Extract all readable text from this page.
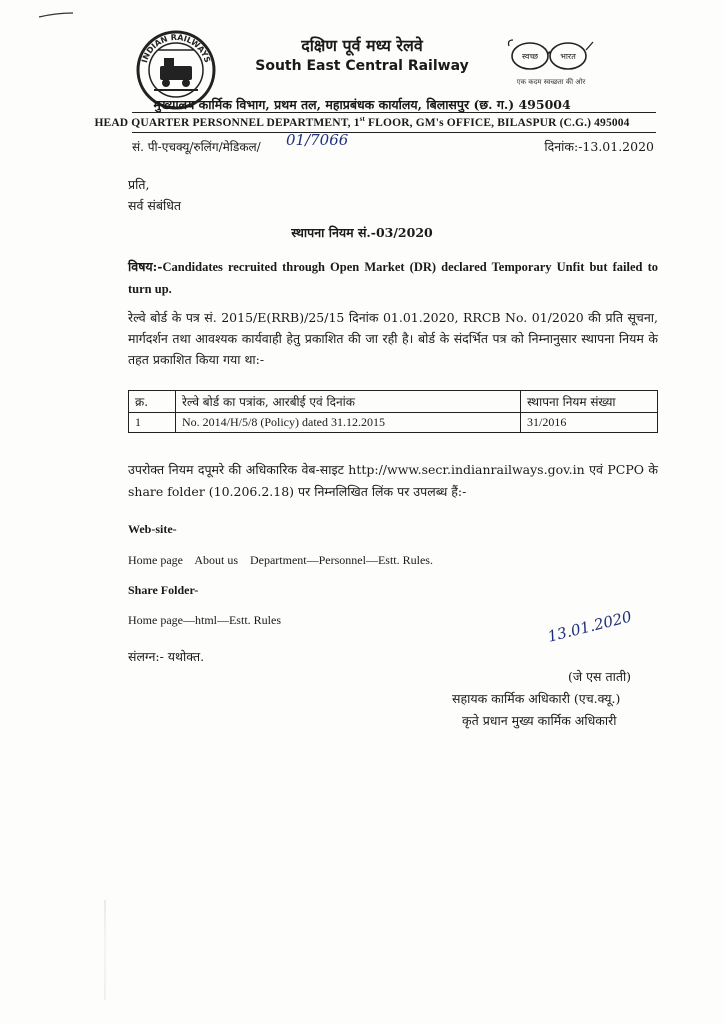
INDIAN RAILWAYS
दक्षिण पूर्व मध्य रेलवे
South East Central Railway
स्वच्छ	भारत
एक कदम स्वच्छता की ओर
मुख्यालय कार्मिक विभाग, प्रथम तल, महाप्रबंधक कार्यालय, बिलासपुर (छ. ग.) 495004
HEAD QUARTER PERSONNEL DEPARTMENT, 1st FLOOR, GM's OFFICE, BILASPUR (C.G.) 495004
सं. पी-एचक्यू/रुलिंग/मेडिकल/ 01/7066	दिनांक:-13.01.2020
प्रति,
सर्व संबंधित
स्थापना नियम सं.-03/2020
विषय:-Candidates recruited through Open Market (DR) declared Temporary Unfit but failed to turn up.
रेल्वे बोर्ड के पत्र सं. 2015/E(RRB)/25/15 दिनांक 01.01.2020, RRCB No. 01/2020 की प्रति सूचना, मार्गदर्शन तथा आवश्यक कार्यवाही हेतु प्रकाशित की जा रही है। बोर्ड के संदर्भित पत्र को निम्नानुसार स्थापना नियम के तहत प्रकाशित किया गया था:-
क्र.	रेल्वे बोर्ड का पत्रांक, आरबीई एवं दिनांक	स्थापना नियम संख्या
1	No. 2014/H/5/8 (Policy) dated 31.12.2015	31/2016
उपरोक्त नियम दपूमरे की अधिकारिक वेब-साइट http://www.secr.indianrailways.gov.in एवं PCPO के share folder (10.206.2.18) पर निम्नलिखित लिंक पर उपलब्ध हैं:-
Web-site-
Home page    About us    Department—Personnel—Estt. Rules.
Share Folder-
Home page—html—Estt. Rules
संलग्न:- यथोक्त.
13.01.2020
(जे एस ताती)
सहायक कार्मिक अधिकारी (एच.क्यू.)
कृते प्रधान मुख्य कार्मिक अधिकारी
